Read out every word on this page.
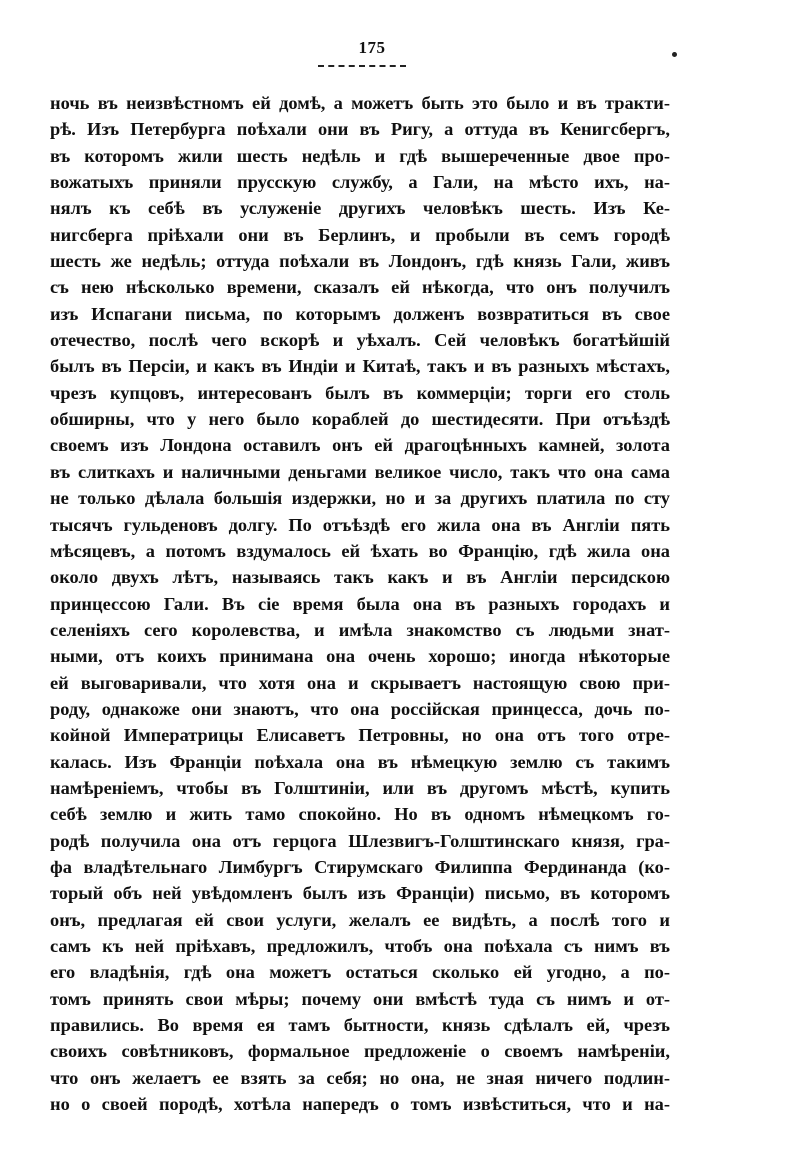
175
ночь въ неизвѣстномъ ей домѣ, а можетъ быть это было и въ тракти-
рѣ. Изъ Петербурга поѣхали они въ Ригу, а оттуда въ Кенигсбергъ,
въ которомъ жили шесть недѣль и гдѣ вышереченные двое про-
вожатыхъ приняли прусскую службу, а Гали, на мѣсто ихъ, на-
нялъ къ себѣ въ услуженіе другихъ человѣкъ шесть. Изъ Ке-
нигсберга пріѣхали они въ Берлинъ, и пробыли въ семъ городѣ
шесть же недѣль; оттуда поѣхали въ Лондонъ, гдѣ князь Гали, живъ
съ нею нѣсколько времени, сказалъ ей нѣкогда, что онъ получилъ
изъ Испагани письма, по которымъ долженъ возвратиться въ свое
отечество, послѣ чего вскорѣ и уѣхалъ. Сей человѣкъ богатѣйшій
былъ въ Персіи, и какъ въ Индіи и Китаѣ, такъ и въ разныхъ мѣстахъ,
чрезъ купцовъ, интересованъ былъ въ коммерціи; торги его столь
обширны, что у него было кораблей до шестидесяти. При отъѣздѣ
своемъ изъ Лондона оставилъ онъ ей драгоцѣнныхъ камней, золота
въ слиткахъ и наличными деньгами великое число, такъ что она сама
не только дѣлала большія издержки, но и за другихъ платила по сту
тысячъ гульденовъ долгу. По отъѣздѣ его жила она въ Англіи пять
мѣсяцевъ, а потомъ вздумалось ей ѣхать во Францію, гдѣ жила она
около двухъ лѣтъ, называясь такъ какъ и въ Англіи персидскою
принцессою Гали. Въ сіе время была она въ разныхъ городахъ и
селеніяхъ сего королевства, и имѣла знакомство съ людьми знат-
ными, отъ коихъ принимана она очень хорошо; иногда нѣкоторые
ей выговаривали, что хотя она и скрываетъ настоящую свою при-
роду, однакоже они знаютъ, что она россійская принцесса, дочь по-
койной Императрицы Елисаветъ Петровны, но она отъ того отре-
калась. Изъ Франціи поѣхала она въ нѣмецкую землю съ такимъ
намѣреніемъ, чтобы въ Голштиніи, или въ другомъ мѣстѣ, купить
себѣ землю и жить тамо спокойно. Но въ одномъ нѣмецкомъ го-
родѣ получила она отъ герцога Шлезвигъ-Голштинскаго князя, гра-
фа владѣтельнаго Лимбургъ Стирумскаго Филиппа Фердинанда (ко-
торый объ ней увѣдомленъ былъ изъ Франціи) письмо, въ которомъ
онъ, предлагая ей свои услуги, желалъ ее видѣть, а послѣ того и
самъ къ ней пріѣхавъ, предложилъ, чтобъ она поѣхала съ нимъ въ
его владѣнія, гдѣ она можетъ остаться сколько ей угодно, а по-
томъ принять свои мѣры; почему они вмѣстѣ туда съ нимъ и от-
правились. Во время ея тамъ бытности, князь сдѣлалъ ей, чрезъ
своихъ совѣтниковъ, формальное предложеніе о своемъ намѣреніи,
что онъ желаетъ ее взять за себя; но она, не зная ничего подлин-
но о своей породѣ, хотѣла напередъ о томъ извѣститься, что и на-
